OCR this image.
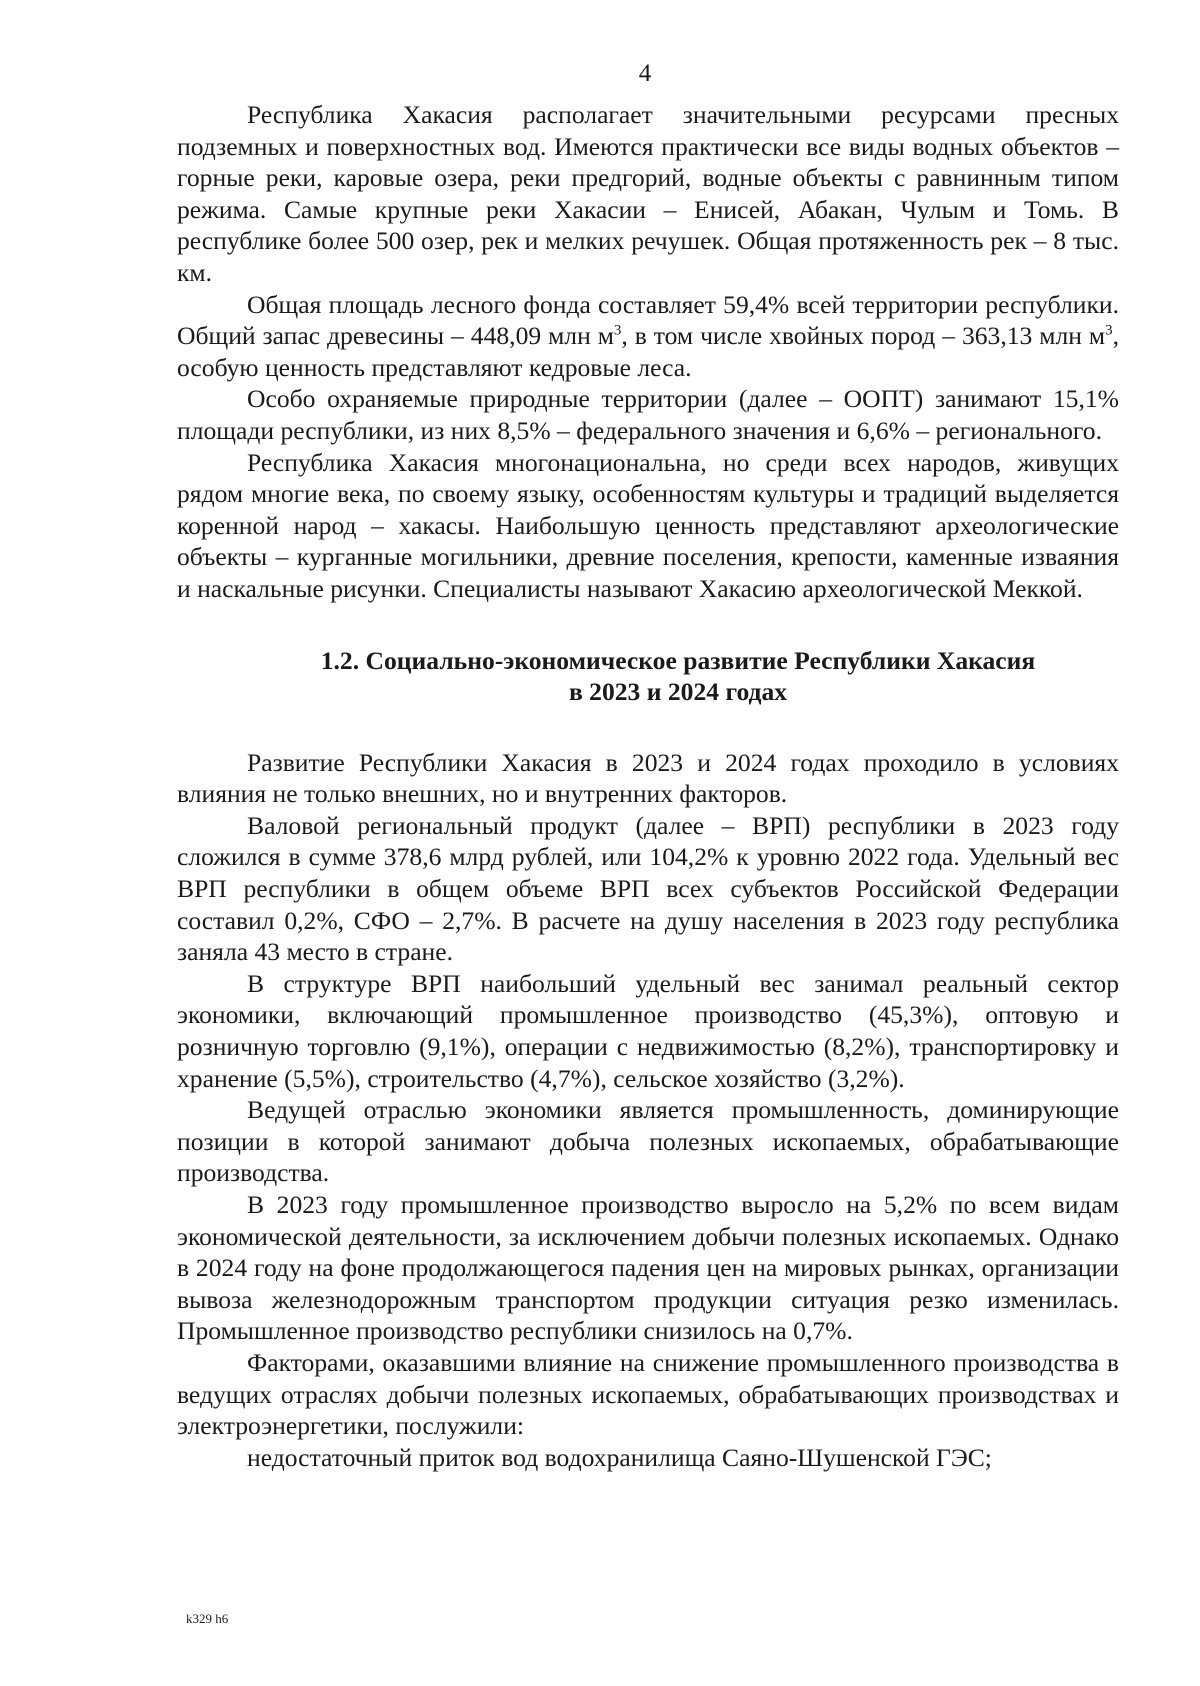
4

Республика Хакасия располагает значительными ресурсами пресных подземных и поверхностных вод. Имеются практически все виды водных объектов – горные реки, каровые озера, реки предгорий, водные объекты с равнинным типом режима. Самые крупные реки Хакасии – Енисей, Абакан, Чулым и Томь. В республике более 500 озер, рек и мелких речушек. Общая протяженность рек – 8 тыс. км.

Общая площадь лесного фонда составляет 59,4% всей территории республики. Общий запас древесины – 448,09 млн $м^3$, в том числе хвойных пород – 363,13 млн $м^3$, особую ценность представляют кедровые леса.

Особо охраняемые природные территории (далее – ООПТ) занимают 15,1% площади республики, из них 8,5% – федерального значения и 6,6% – регионального.

Республика Хакасия многонациональна, но среди всех народов, живущих рядом многие века, по своему языку, особенностям культуры и традиций выделяется коренной народ – хакасы. Наибольшую ценность представляют археологические объекты – курганные могильники, древние поселения, крепости, каменные изваяния и наскальные рисунки. Специалисты называют Хакасию археологической Меккой.

1.2. Социально-экономическое развитие Республики Хакасия
в 2023 и 2024 годах

Развитие Республики Хакасия в 2023 и 2024 годах проходило в условиях влияния не только внешних, но и внутренних факторов.

Валовой региональный продукт (далее – ВРП) республики в 2023 году сложился в сумме 378,6 млрд рублей, или 104,2% к уровню 2022 года. Удельный вес ВРП республики в общем объеме ВРП всех субъектов Российской Федерации составил 0,2%, СФО – 2,7%. В расчете на душу населения в 2023 году республика заняла 43 место в стране.

В структуре ВРП наибольший удельный вес занимал реальный сектор экономики, включающий промышленное производство (45,3%), оптовую и розничную торговлю (9,1%), операции с недвижимостью (8,2%), транспортировку и хранение (5,5%), строительство (4,7%), сельское хозяйство (3,2%).

Ведущей отраслью экономики является промышленность, доминирующие позиции в которой занимают добыча полезных ископаемых, обрабатывающие производства.

В 2023 году промышленное производство выросло на 5,2% по всем видам экономической деятельности, за исключением добычи полезных ископаемых. Однако в 2024 году на фоне продолжающегося падения цен на мировых рынках, организации вывоза железнодорожным транспортом продукции ситуация резко изменилась. Промышленное производство республики снизилось на 0,7%.

Факторами, оказавшими влияние на снижение промышленного производства в ведущих отраслях добычи полезных ископаемых, обрабатывающих производствах и электроэнергетики, послужили:

недостаточный приток вод водохранилища Саяно-Шушенской ГЭС;

k329 h6
